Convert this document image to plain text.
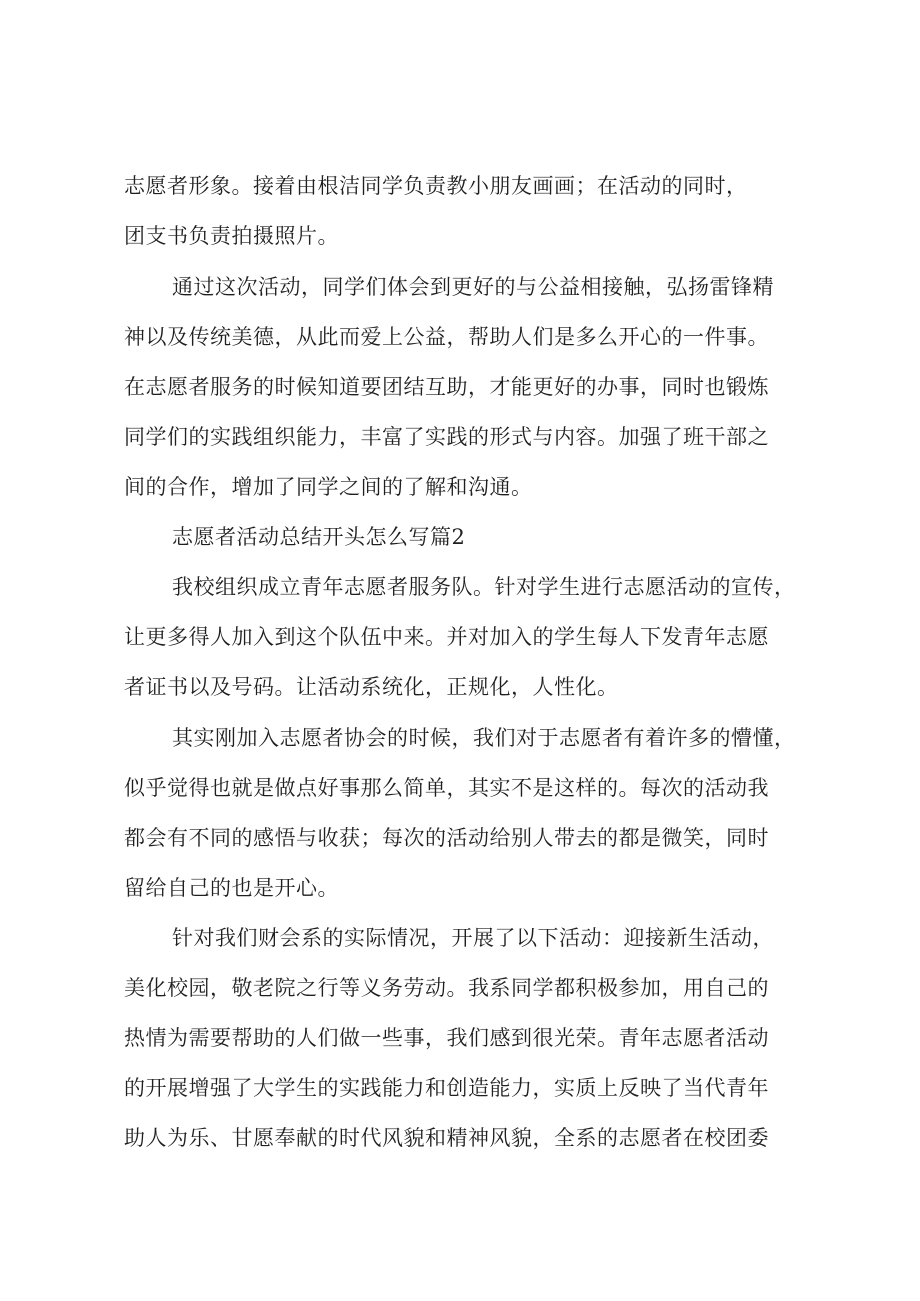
志愿者形象。接着由根洁同学负责教小朋友画画；在活动的同时，
团支书负责拍摄照片。
通过这次活动，同学们体会到更好的与公益相接触，弘扬雷锋精
神以及传统美德，从此而爱上公益，帮助人们是多么开心的一件事。
在志愿者服务的时候知道要团结互助，才能更好的办事，同时也锻炼
同学们的实践组织能力，丰富了实践的形式与内容。加强了班干部之
间的合作，增加了同学之间的了解和沟通。
志愿者活动总结开头怎么写篇2
我校组织成立青年志愿者服务队。针对学生进行志愿活动的宣传，
让更多得人加入到这个队伍中来。并对加入的学生每人下发青年志愿
者证书以及号码。让活动系统化，正规化，人性化。
其实刚加入志愿者协会的时候，我们对于志愿者有着许多的懵懂，
似乎觉得也就是做点好事那么简单，其实不是这样的。每次的活动我
都会有不同的感悟与收获；每次的活动给别人带去的都是微笑，同时
留给自己的也是开心。
针对我们财会系的实际情况，开展了以下活动：迎接新生活动，
美化校园，敬老院之行等义务劳动。我系同学都积极参加，用自己的
热情为需要帮助的人们做一些事，我们感到很光荣。青年志愿者活动
的开展增强了大学生的实践能力和创造能力，实质上反映了当代青年
助人为乐、甘愿奉献的时代风貌和精神风貌，全系的志愿者在校团委
